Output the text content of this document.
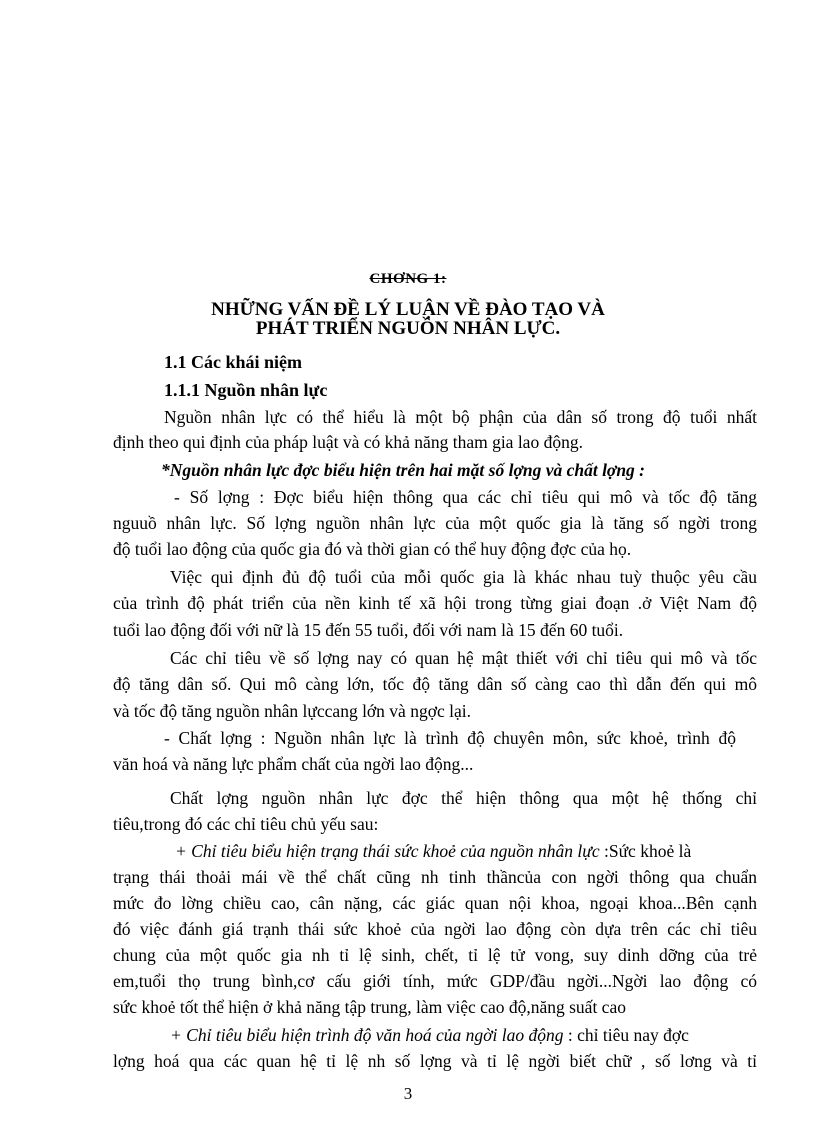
CHƠNG 1:
NHỮNG VẤN ĐỀ LÝ LUẬN VỀ ĐÀO TẠO VÀ
PHÁT TRIỂN NGUỒN NHÂN LỰC.
1.1 Các khái niệm
1.1.1 Nguồn nhân lực
Nguồn nhân lực có thể hiểu là một bộ phận của dân số trong độ tuổi nhất
định theo qui định của pháp luật và có khả năng tham gia lao động.
*Nguồn nhân lực đợc biểu hiện trên hai mặt số lợng và chất lợng :
- Số lợng : Đợc biểu hiện thông qua các chỉ tiêu qui mô và tốc độ tăng
nguuồ nhân lực. Số lợng nguồn nhân lực của một quốc gia là tăng số ngời trong
độ tuổi lao động của quốc gia đó và thời gian có thể huy động đợc của họ.
Việc qui định đủ độ tuổi của mỗi quốc gia là khác nhau tuỳ thuộc yêu cầu
của trình độ phát triển của nền kinh tế xã hội trong từng giai đoạn .ở Việt Nam độ
tuổi lao động đối với nữ là 15 đến 55 tuổi, đối với nam là 15 đến 60 tuổi.
Các chỉ tiêu về số lợng nay có quan hệ mật thiết với chỉ tiêu qui mô và tốc
độ tăng dân số. Qui mô càng lớn, tốc độ tăng dân số càng cao thì dẫn đến qui mô
và tốc độ tăng nguồn nhân lựccang lớn và ngợc lại.
- Chất lợng : Nguồn nhân lực là trình độ chuyên môn, sức khoẻ, trình độ
văn hoá và năng lực phẩm chất của ngời lao động...
Chất lợng nguồn nhân lực đợc thể hiện thông qua một hệ thống chỉ
tiêu,trong đó các chỉ tiêu chủ yếu sau:
+ Chỉ tiêu biểu hiện trạng thái sức khoẻ của nguồn nhân lực :Sức khoẻ là
trạng thái thoải mái về thể chất cũng nh tinh thầncủa con ngời thông qua chuẩn
mức đo lờng chiều cao, cân nặng, các giác quan nội khoa, ngoại khoa...Bên cạnh
đó việc đánh giá trạnh thái sức khoẻ của ngời lao động còn dựa trên các chỉ tiêu
chung của một quốc gia nh tỉ lệ sinh, chết, tỉ lệ tử vong, suy dinh dỡng của trẻ
em,tuổi thọ trung bình,cơ cấu giới tính, mức GDP/đầu ngời...Ngời lao động có
sức khoẻ tốt thể hiện ở khả năng tập trung, làm việc cao độ,năng suất cao
+ Chỉ tiêu biểu hiện trình độ văn hoá của ngời lao động : chỉ tiêu nay đợc
lợng hoá qua các quan hệ tỉ lệ nh số lợng và tỉ lệ ngời biết chữ , số lơng và tỉ
3
